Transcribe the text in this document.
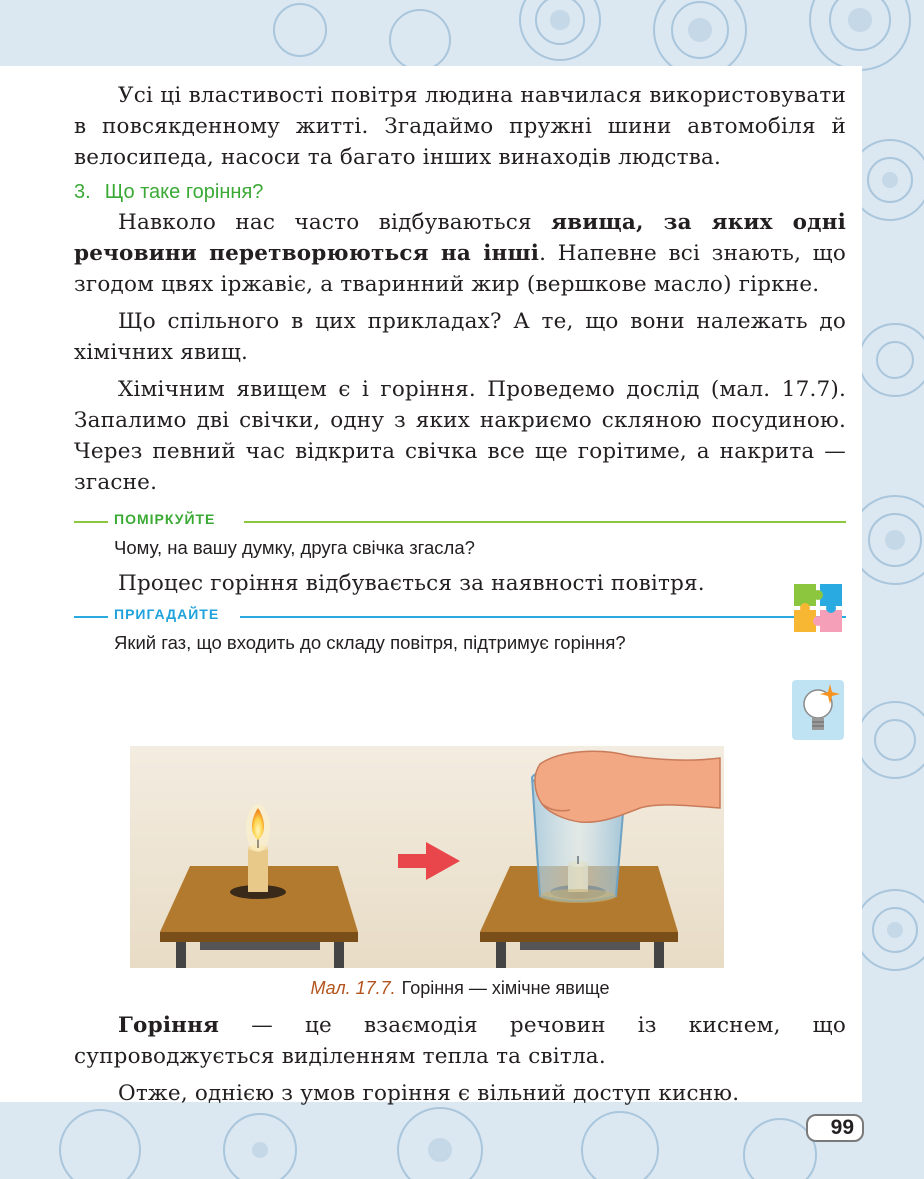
Усі ці властивості повітря людина навчилася використовувати в повсякденному житті. Згадаймо пружні шини автомобіля й велосипеда, насоси та багато інших винаходів людства.

3. Що таке горіння?

Навколо нас часто відбуваються явища, за яких одні речовини перетворюються на інші. Напевне всі знають, що згодом цвях іржавіє, а тваринний жир (вершкове масло) гіркне.

Що спільного в цих прикладах? А те, що вони належать до хімічних явищ.

Хімічним явищем є і горіння. Проведемо дослід (мал. 17.7). Запалимо дві свічки, одну з яких накриємо скляною посудиною. Через певний час відкрита свічка все ще горітиме, а накрита — згасне.

ПОМІРКУЙТЕ
Чому, на вашу думку, друга свічка згасла?

Процес горіння відбувається за наявності повітря.

ПРИГАДАЙТЕ
Який газ, що входить до складу повітря, підтримує горіння?
Мал. 17.7. Горіння — хімічне явище

Горіння — це взаємодія речовин із киснем, що супроводжується виділенням тепла та світла.

Отже, однією з умов горіння є вільний доступ кисню.

99
